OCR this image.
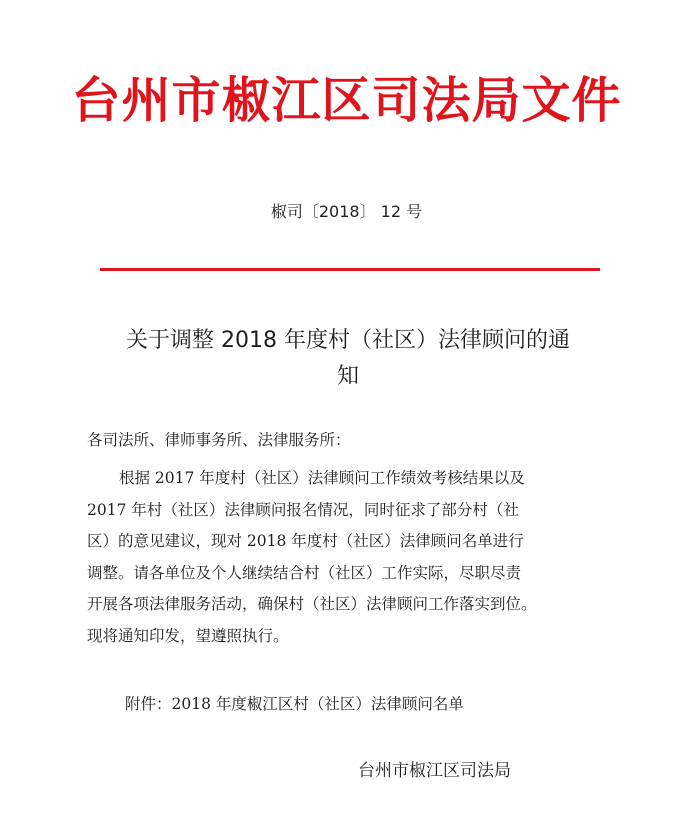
台州市椒江区司法局文件
椒司〔2018〕 12 号
关于调整 2018 年度村（社区）法律顾问的通
知
各司法所、律师事务所、法律服务所：
根据 2017 年度村（社区）法律顾问工作绩效考核结果以及
2017 年村（社区）法律顾问报名情况，同时征求了部分村（社
区）的意见建议，现对 2018 年度村（社区）法律顾问名单进行
调整。请各单位及个人继续结合村（社区）工作实际，尽职尽责
开展各项法律服务活动，确保村（社区）法律顾问工作落实到位。
现将通知印发，望遵照执行。
附件：2018 年度椒江区村（社区）法律顾问名单
台州市椒江区司法局
